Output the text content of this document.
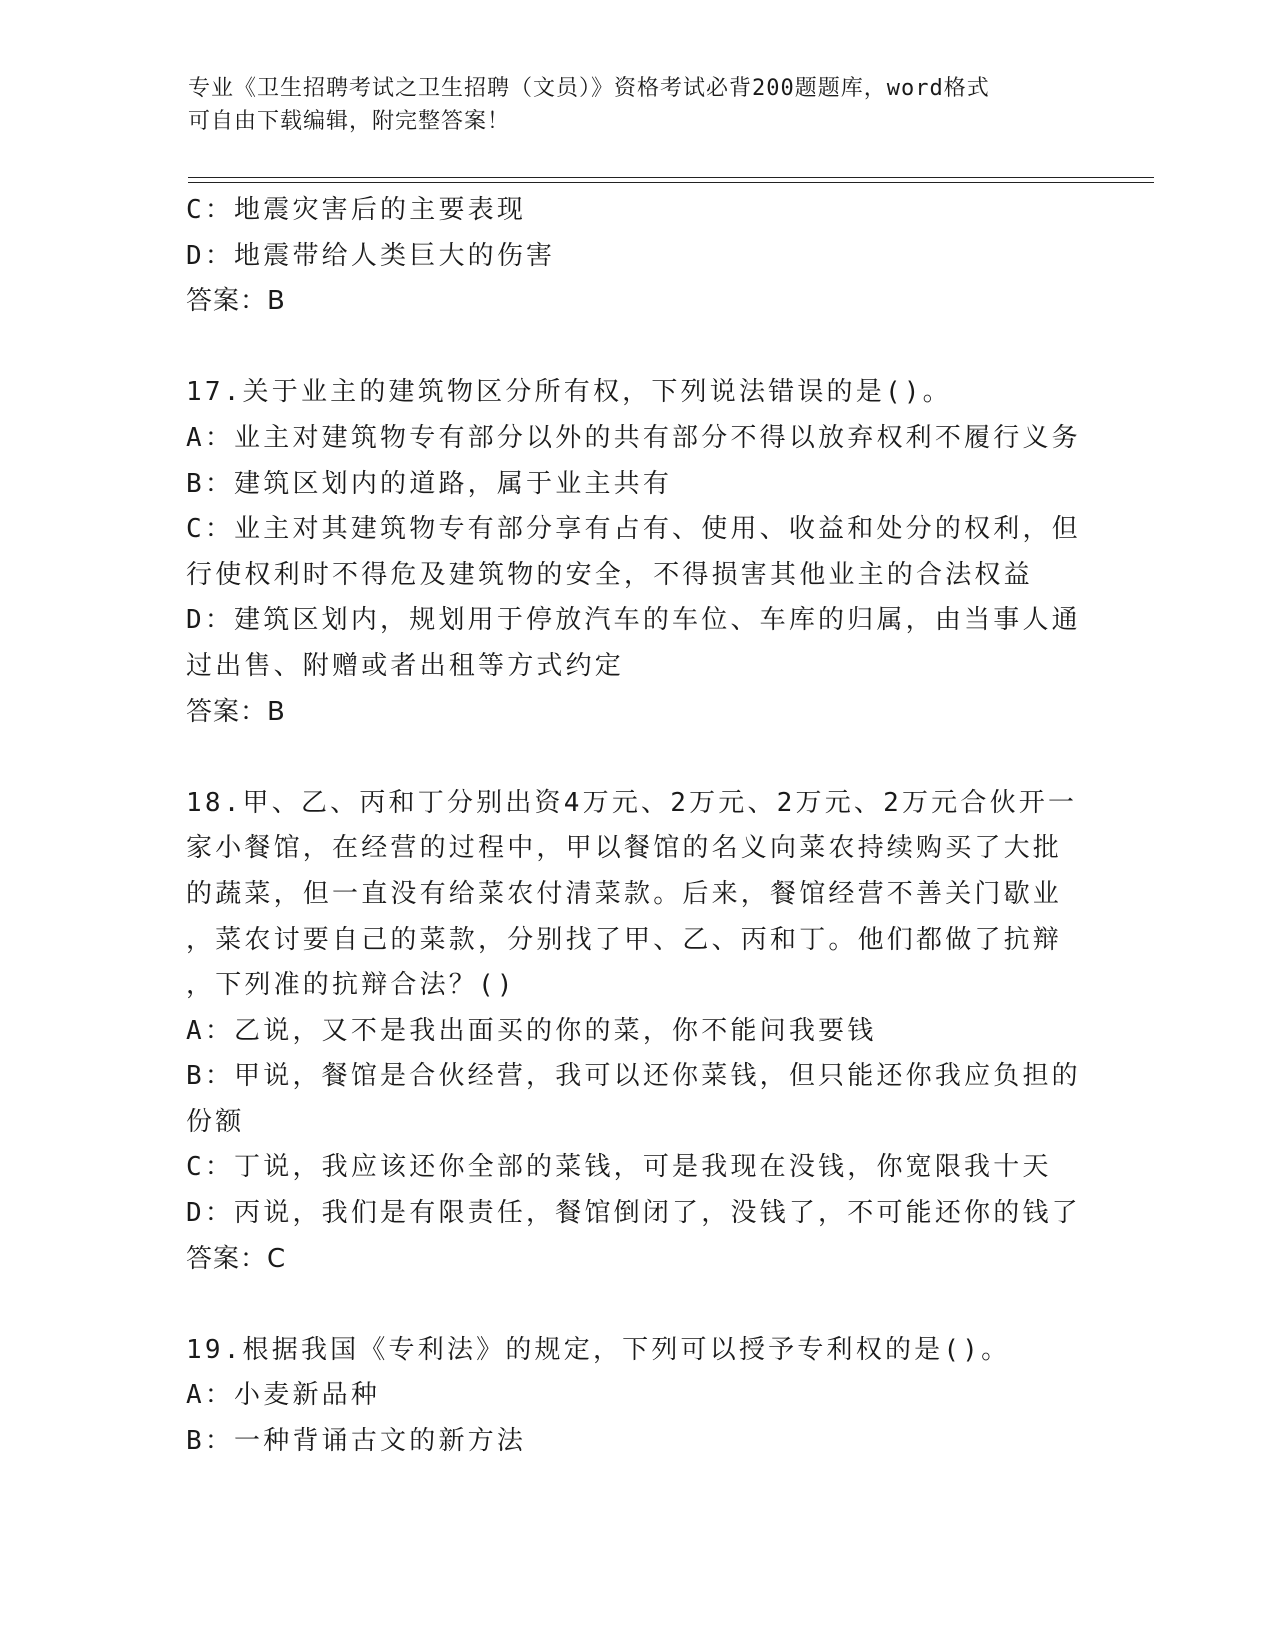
专业《卫生招聘考试之卫生招聘（文员）》资格考试必背200题题库，word格式
可自由下载编辑，附完整答案！
C：地震灾害后的主要表现
D：地震带给人类巨大的伤害
答案：B
17.关于业主的建筑物区分所有权，下列说法错误的是()。
A：业主对建筑物专有部分以外的共有部分不得以放弃权利不履行义务
B：建筑区划内的道路，属于业主共有
C：业主对其建筑物专有部分享有占有、使用、收益和处分的权利，但
行使权利时不得危及建筑物的安全，不得损害其他业主的合法权益
D：建筑区划内，规划用于停放汽车的车位、车库的归属，由当事人通
过出售、附赠或者出租等方式约定
答案：B
18.甲、乙、丙和丁分别出资4万元、2万元、2万元、2万元合伙开一
家小餐馆，在经营的过程中，甲以餐馆的名义向菜农持续购买了大批
的蔬菜，但一直没有给菜农付清菜款。后来，餐馆经营不善关门歇业
，菜农讨要自己的菜款，分别找了甲、乙、丙和丁。他们都做了抗辩
，下列准的抗辩合法？()
A：乙说，又不是我出面买的你的菜，你不能问我要钱
B：甲说，餐馆是合伙经营，我可以还你菜钱，但只能还你我应负担的
份额
C：丁说，我应该还你全部的菜钱，可是我现在没钱，你宽限我十天
D：丙说，我们是有限责任，餐馆倒闭了，没钱了，不可能还你的钱了
答案：C
19.根据我国《专利法》的规定，下列可以授予专利权的是()。
A：小麦新品种
B：一种背诵古文的新方法
